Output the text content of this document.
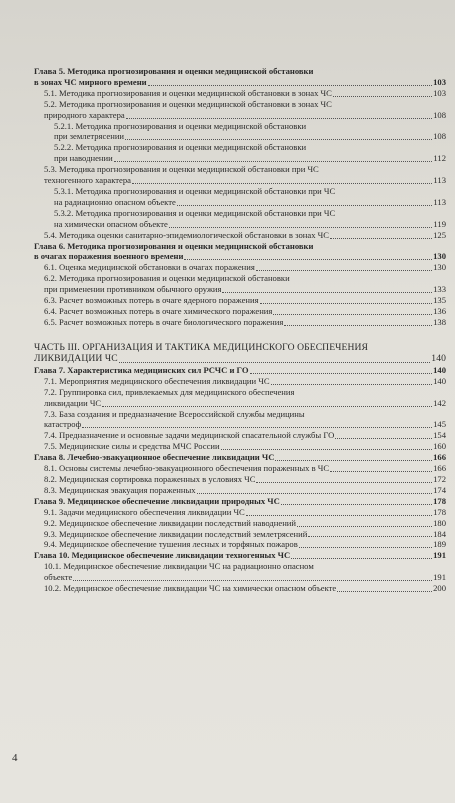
Глава 5. Методика прогнозирования и оценки медицинской обстановки
в зонах ЧС мирного времени	103
5.1. Методика прогнозирования и оценки медицинской обстановки в зонах ЧС	103
5.2. Методика прогнозирования и оценки медицинской обстановки в зонах ЧС
природного характера	108
5.2.1. Методика прогнозирования и оценки медицинской обстановки
при землетрясении	108
5.2.2. Методика прогнозирования и оценки медицинской обстановки
при наводнении	112
5.3. Методика прогнозирования и оценки медицинской обстановки при ЧС
техногенного характера	113
5.3.1. Методика прогнозирования и оценки медицинской обстановки при ЧС
на радиационно опасном объекте	113
5.3.2. Методика прогнозирования и оценки медицинской обстановки при ЧС
на химически опасном объекте	119
5.4. Методика оценки санитарно-эпидемиологической обстановки в зонах ЧС	125
Глава 6. Методика прогнозирования и оценки медицинской обстановки
в очагах поражения военного времени	130
6.1. Оценка медицинской обстановки в очагах поражения	130
6.2. Методика прогнозирования и оценки медицинской обстановки
при применении противником обычного оружия	133
6.3. Расчет возможных потерь в очаге ядерного поражения	135
6.4. Расчет возможных потерь в очаге химического поражения	136
6.5. Расчет возможных потерь в очаге биологического поражения	138
ЧАСТЬ III. ОРГАНИЗАЦИЯ И ТАКТИКА МЕДИЦИНСКОГО ОБЕСПЕЧЕНИЯ
ЛИКВИДАЦИИ ЧС	140
Глава 7. Характеристика медицинских сил РСЧС и ГО	140
7.1. Мероприятия медицинского обеспечения ликвидации ЧС	140
7.2. Группировка сил, привлекаемых для медицинского обеспечения
ликвидации ЧС	142
7.3. База создания и предназначение Всероссийской службы медицины
катастроф	145
7.4. Предназначение и основные задачи медицинской спасательной службы ГО	154
7.5. Медицинские силы и средства МЧС России	160
Глава 8. Лечебно-эвакуационное обеспечение ликвидации ЧС	166
8.1. Основы системы лечебно-эвакуационного обеспечения пораженных в ЧС	166
8.2. Медицинская сортировка пораженных в условиях ЧС	172
8.3. Медицинская эвакуация пораженных	174
Глава 9. Медицинское обеспечение ликвидации природных ЧС	178
9.1. Задачи медицинского обеспечения ликвидации ЧС	178
9.2. Медицинское обеспечение ликвидации последствий наводнений	180
9.3. Медицинское обеспечение ликвидации последствий землетрясений	184
9.4. Медицинское обеспечение тушения лесных и торфяных пожаров	189
Глава 10. Медицинское обеспечение ликвидации техногенных ЧС	191
10.1. Медицинское обеспечение ликвидации ЧС на радиационно опасном
объекте	191
10.2. Медицинское обеспечение ликвидации ЧС на химически опасном объекте	200
4
